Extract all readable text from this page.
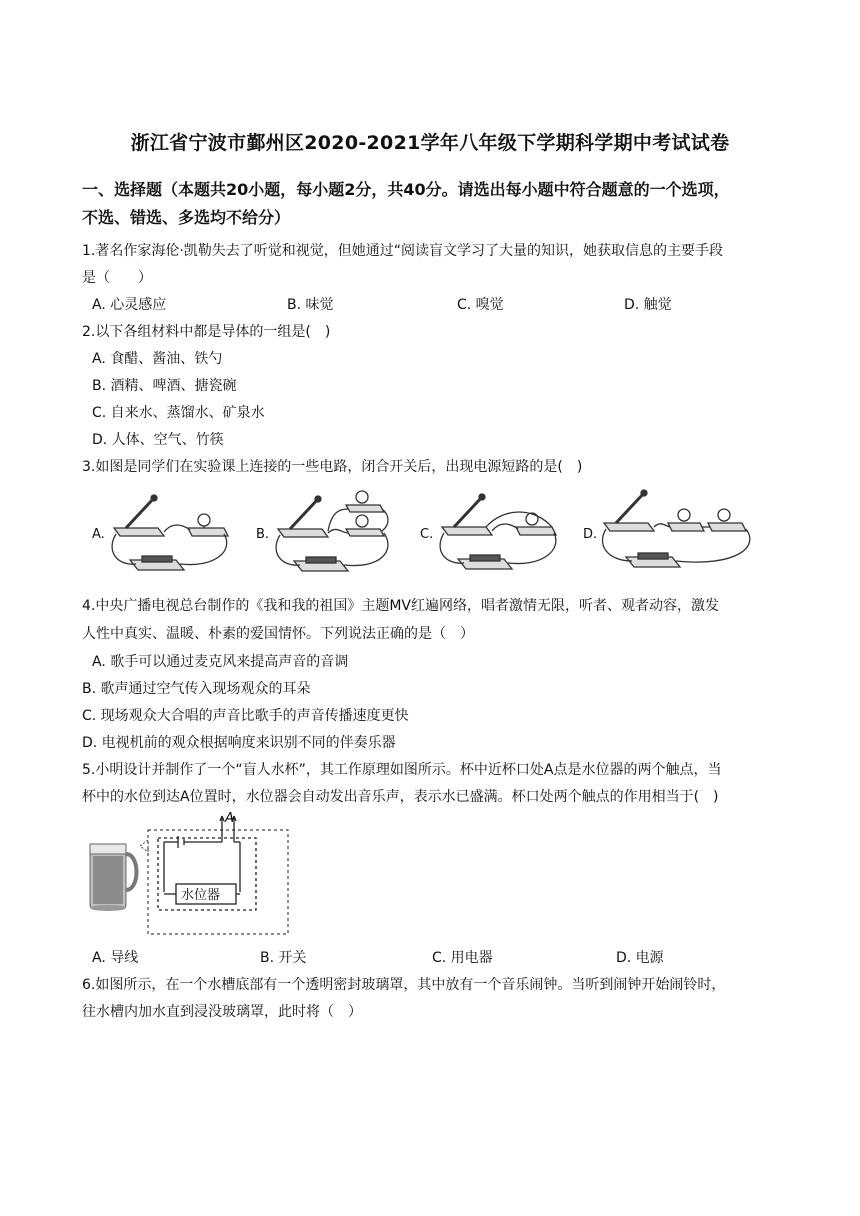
浙江省宁波市鄞州区2020-2021学年八年级下学期科学期中考试试卷
一、选择题（本题共20小题，每小题2分，共40分。请选出每小题中符合题意的一个选项，
不选、错选、多选均不给分）
1.著名作家海伦·凯勒失去了听觉和视觉，但她通过“阅读盲文学习了大量的知识，她获取信息的主要手段
是（　　）
A. 心灵感应	B. 味觉	C. 嗅觉	D. 触觉
2.以下各组材料中都是导体的一组是(　)
A. 食醋、酱油、铁勺
B. 酒精、啤酒、搪瓷碗
C. 自来水、蒸馏水、矿泉水
D. 人体、空气、竹筷
3.如图是同学们在实验课上连接的一些电路，闭合开关后，出现电源短路的是(　)
A.	B.	C.	D.
4.中央广播电视总台制作的《我和我的祖国》主题MV红遍网络，唱者激情无限，听者、观者动容，激发
人性中真实、温暖、朴素的爱国情怀。下列说法正确的是（　）
A. 歌手可以通过麦克风来提高声音的音调
B. 歌声通过空气传入现场观众的耳朵
C. 现场观众大合唱的声音比歌手的声音传播速度更快
D. 电视机前的观众根据响度来识别不同的伴奏乐器
5.小明设计并制作了一个“盲人水杯”，其工作原理如图所示。杯中近杯口处A点是水位器的两个触点，当
杯中的水位到达A位置时，水位器会自动发出音乐声，表示水已盛满。杯口处两个触点的作用相当于(　)
A
水位器
A. 导线	B. 开关	C. 用电器	D. 电源
6.如图所示，在一个水槽底部有一个透明密封玻璃罩，其中放有一个音乐闹钟。当听到闹钟开始闹铃时，
往水槽内加水直到浸没玻璃罩，此时将（　）
